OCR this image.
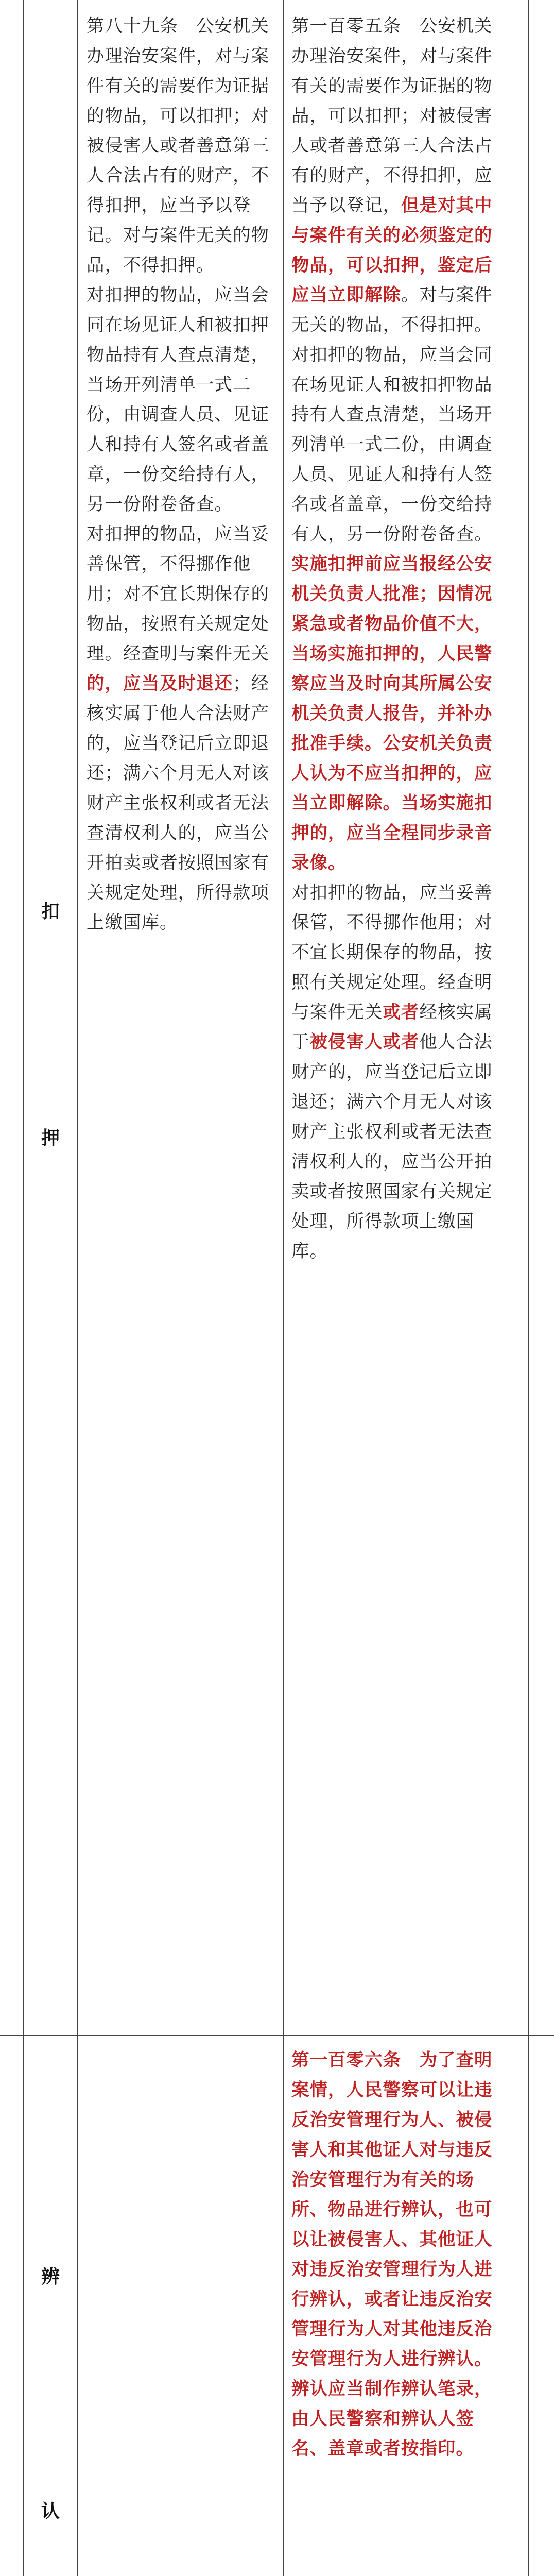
扣
押

第八十九条　公安机关办理治安案件，对与案件有关的需要作为证据的物品，可以扣押；对被侵害人或者善意第三人合法占有的财产，不得扣押，应当予以登记。对与案件无关的物品，不得扣押。

对扣押的物品，应当会同在场见证人和被扣押物品持有人查点清楚，当场开列清单一式二份，由调查人员、见证人和持有人签名或者盖章，一份交给持有人，另一份附卷备查。

对扣押的物品，应当妥善保管，不得挪作他用；对不宜长期保存的物品，按照有关规定处理。经查明与案件无关的，应当及时退还；经核实属于他人合法财产的，应当登记后立即退还；满六个月无人对该财产主张权利或者无法查清权利人的，应当公开拍卖或者按照国家有关规定处理，所得款项上缴国库。

第一百零五条　公安机关办理治安案件，对与案件有关的需要作为证据的物品，可以扣押；对被侵害人或者善意第三人合法占有的财产，不得扣押，应当予以登记，但是对其中与案件有关的必须鉴定的物品，可以扣押，鉴定后应当立即解除。对与案件无关的物品，不得扣押。

对扣押的物品，应当会同在场见证人和被扣押物品持有人查点清楚，当场开列清单一式二份，由调查人员、见证人和持有人签名或者盖章，一份交给持有人，另一份附卷备查。

实施扣押前应当报经公安机关负责人批准；因情况紧急或者物品价值不大，当场实施扣押的，人民警察应当及时向其所属公安机关负责人报告，并补办批准手续。公安机关负责人认为不应当扣押的，应当立即解除。当场实施扣押的，应当全程同步录音录像。

对扣押的物品，应当妥善保管，不得挪作他用；对不宜长期保存的物品，按照有关规定处理。经查明与案件无关或者经核实属于被侵害人或者他人合法财产的，应当登记后立即退还；满六个月无人对该财产主张权利或者无法查清权利人的，应当公开拍卖或者按照国家有关规定处理，所得款项上缴国库。

辨
认

第一百零六条　为了查明案情，人民警察可以让违反治安管理行为人、被侵害人和其他证人对与违反治安管理行为有关的场所、物品进行辨认，也可以让被侵害人、其他证人对违反治安管理行为人进行辨认，或者让违反治安管理行为人对其他违反治安管理行为人进行辨认。

辨认应当制作辨认笔录，由人民警察和辨认人签名、盖章或者按指印。
